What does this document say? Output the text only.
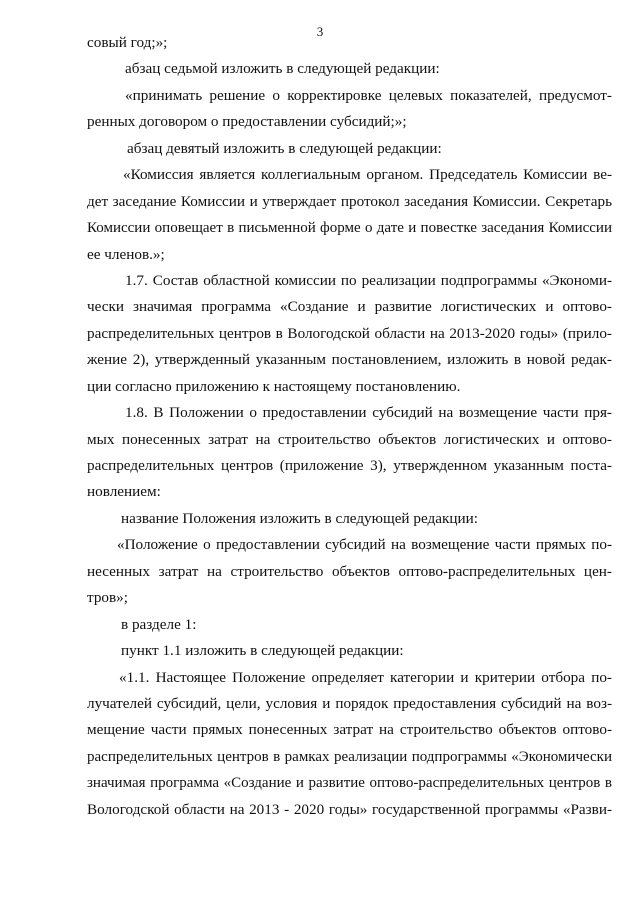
3
совый год;»;
абзац седьмой изложить в следующей редакции:
«принимать решение о корректировке целевых показателей, предусмот-
ренных договором о предоставлении субсидий;»;
абзац девятый изложить в следующей редакции:
«Комиссия является коллегиальным органом. Председатель Комиссии ве-
дет заседание Комиссии и утверждает протокол заседания Комиссии. Секретарь
Комиссии оповещает в письменной форме о дате и повестке заседания Комиссии
ее членов.»;
1.7. Состав областной комиссии по реализации подпрограммы «Экономи-
чески значимая программа «Создание и развитие логистических и оптово-
распределительных центров в Вологодской области на 2013-2020 годы» (прило-
жение 2), утвержденный указанным постановлением, изложить в новой редак-
ции согласно приложению к настоящему постановлению.
1.8. В Положении о предоставлении субсидий на возмещение части пря-
мых понесенных затрат на строительство объектов логистических и оптово-
распределительных центров (приложение 3), утвержденном указанным поста-
новлением:
название Положения изложить в следующей редакции:
«Положение о предоставлении субсидий на возмещение части прямых по-
несенных затрат на строительство объектов оптово-распределительных цен-
тров»;
в разделе 1:
пункт 1.1 изложить в следующей редакции:
«1.1. Настоящее Положение определяет категории и критерии отбора по-
лучателей субсидий, цели, условия и порядок предоставления субсидий на воз-
мещение части прямых понесенных затрат на строительство объектов оптово-
распределительных центров в рамках реализации подпрограммы «Экономически
значимая программа «Создание и развитие оптово-распределительных центров в
Вологодской области на 2013 - 2020 годы» государственной программы «Разви-
